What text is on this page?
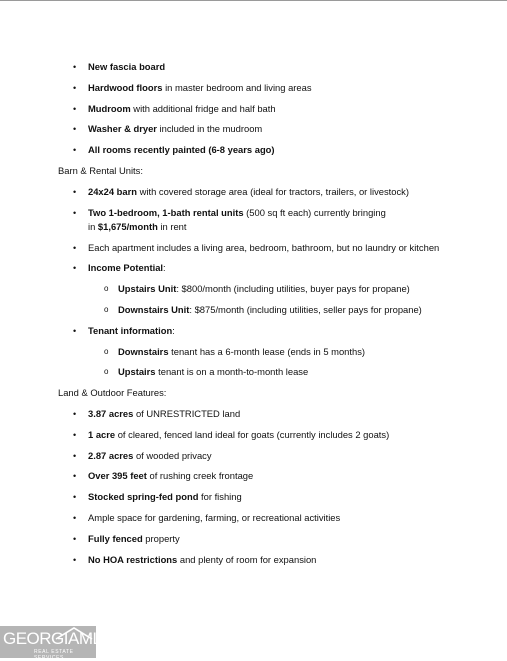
• New fascia board
• Hardwood floors in master bedroom and living areas
• Mudroom with additional fridge and half bath
• Washer & dryer included in the mudroom
• All rooms recently painted (6-8 years ago)
Barn & Rental Units:
• 24x24 barn with covered storage area (ideal for tractors, trailers, or livestock)
• Two 1-bedroom, 1-bath rental units (500 sq ft each) currently bringing
in $1,675/month in rent
• Each apartment includes a living area, bedroom, bathroom, but no laundry or kitchen
• Income Potential:
o Upstairs Unit: $800/month (including utilities, buyer pays for propane)
o Downstairs Unit: $875/month (including utilities, seller pays for propane)
• Tenant information:
o Downstairs tenant has a 6-month lease (ends in 5 months)
o Upstairs tenant is on a month-to-month lease
Land & Outdoor Features:
• 3.87 acres of UNRESTRICTED land
• 1 acre of cleared, fenced land ideal for goats (currently includes 2 goats)
• 2.87 acres of wooded privacy
• Over 395 feet of rushing creek frontage
• Stocked spring-fed pond for fishing
• Ample space for gardening, farming, or recreational activities
• Fully fenced property
• No HOA restrictions and plenty of room for expansion
GEORGIAMLS
REAL ESTATE SERVICES
